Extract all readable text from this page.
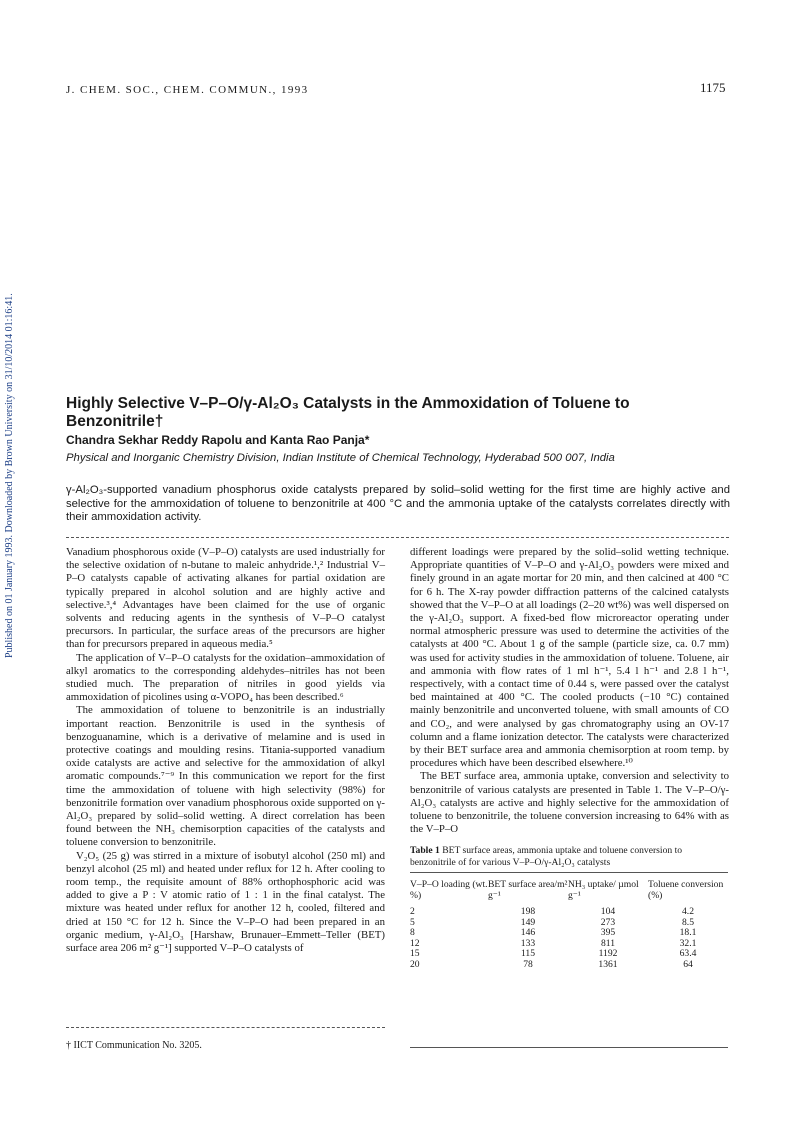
J. CHEM. SOC., CHEM. COMMUN., 1993	1175
Published on 01 January 1993. Downloaded by Brown University on 31/10/2014 01:16:41.	Highly Selective V–P–O/γ-Al₂O₃ Catalysts in the Ammoxidation of Toluene to Benzonitrile†
Chandra Sekhar Reddy Rapolu and Kanta Rao Panja*
Physical and Inorganic Chemistry Division, Indian Institute of Chemical Technology, Hyderabad 500 007, India
γ-Al₂O₃-supported vanadium phosphorus oxide catalysts prepared by solid–solid wetting for the first time are highly active and selective for the ammoxidation of toluene to benzonitrile at 400 °C and the ammonia uptake of the catalysts correlates directly with their ammoxidation activity.

Vanadium phosphorous oxide (V–P–O) catalysts are used industrially for the selective oxidation of n-butane to maleic anhydride.¹,² Industrial V–P–O catalysts capable of activating alkanes for partial oxidation are typically prepared in alcohol solution and are highly active and selective.³,⁴ Advantages have been claimed for the use of organic solvents and reducing agents in the synthesis of V–P–O catalyst precursors. In particular, the surface areas of the precursors are higher than for precursors prepared in aqueous media.⁵

The application of V–P–O catalysts for the oxidation–ammoxidation of alkyl aromatics to the corresponding aldehydes–nitriles has not been studied much. The preparation of nitriles in good yields via ammoxidation of picolines using α-VOPO₄ has been described.⁶

The ammoxidation of toluene to benzonitrile is an industrially important reaction. Benzonitrile is used in the synthesis of benzoguanamine, which is a derivative of melamine and is used in protective coatings and moulding resins. Titania-supported vanadium oxide catalysts are active and selective for the ammoxidation of alkyl aromatic compounds.⁷⁻⁹ In this communication we report for the first time the ammoxidation of toluene with high selectivity (98%) for benzonitrile formation over vanadium phosphorous oxide supported on γ-Al₂O₃ prepared by solid–solid wetting. A direct correlation has been found between the NH₃ chemisorption capacities of the catalysts and toluene conversion to benzonitrile.

V₂O₅ (25 g) was stirred in a mixture of isobutyl alcohol (250 ml) and benzyl alcohol (25 ml) and heated under reflux for 12 h. After cooling to room temp., the requisite amount of 88% orthophosphoric acid was added to give a P : V atomic ratio of 1 : 1 in the final catalyst. The mixture was heated under reflux for another 12 h, cooled, filtered and dried at 150 °C for 12 h. Since the V–P–O had been prepared in an organic medium, γ-Al₂O₃ [Harshaw, Brunauer–Emmett–Teller (BET) surface area 206 m² g⁻¹] supported V–P–O catalysts of

different loadings were prepared by the solid–solid wetting technique. Appropriate quantities of V–P–O and γ-Al₂O₃ powders were mixed and finely ground in an agate mortar for 20 min, and then calcined at 400 °C for 6 h. The X-ray powder diffraction patterns of the calcined catalysts showed that the V–P–O at all loadings (2–20 wt%) was well dispersed on the γ-Al₂O₃ support. A fixed-bed flow microreactor operating under normal atmospheric pressure was used to determine the activities of the catalysts at 400 °C. About 1 g of the sample (particle size, ca. 0.7 mm) was used for activity studies in the ammoxidation of toluene. Toluene, air and ammonia with flow rates of 1 ml h⁻¹, 5.4 l h⁻¹ and 2.8 l h⁻¹, respectively, with a contact time of 0.44 s, were passed over the catalyst bed maintained at 400 °C. The cooled products (−10 °C) contained mainly benzonitrile and unconverted toluene, with small amounts of CO and CO₂, and were analysed by gas chromatography using an OV-17 column and a flame ionization detector. The catalysts were characterized by their BET surface area and ammonia chemisorption at room temp. by procedures which have been described elsewhere.¹⁰

The BET surface area, ammonia uptake, conversion and selectivity to benzonitrile of various catalysts are presented in Table 1. The V–P–O/γ-Al₂O₃ catalysts are active and highly selective for the ammoxidation of toluene to benzonitrile, the toluene conversion increasing to 64% with as the V–P–O

Table 1 BET surface areas, ammonia uptake and toluene conversion to benzonitrile of for various V–P–O/γ-Al₂O₃ catalysts
V–P–O loading (wt. %)	BET surface area/m² g⁻¹	NH₃ uptake/ µmol g⁻¹	Toluene conversion (%)
2	198	104	4.2
5	149	273	8.5
8	146	395	18.1
12	133	811	32.1
15	115	1192	63.4
20	78	1361	64
† IICT Communication No. 3205.
